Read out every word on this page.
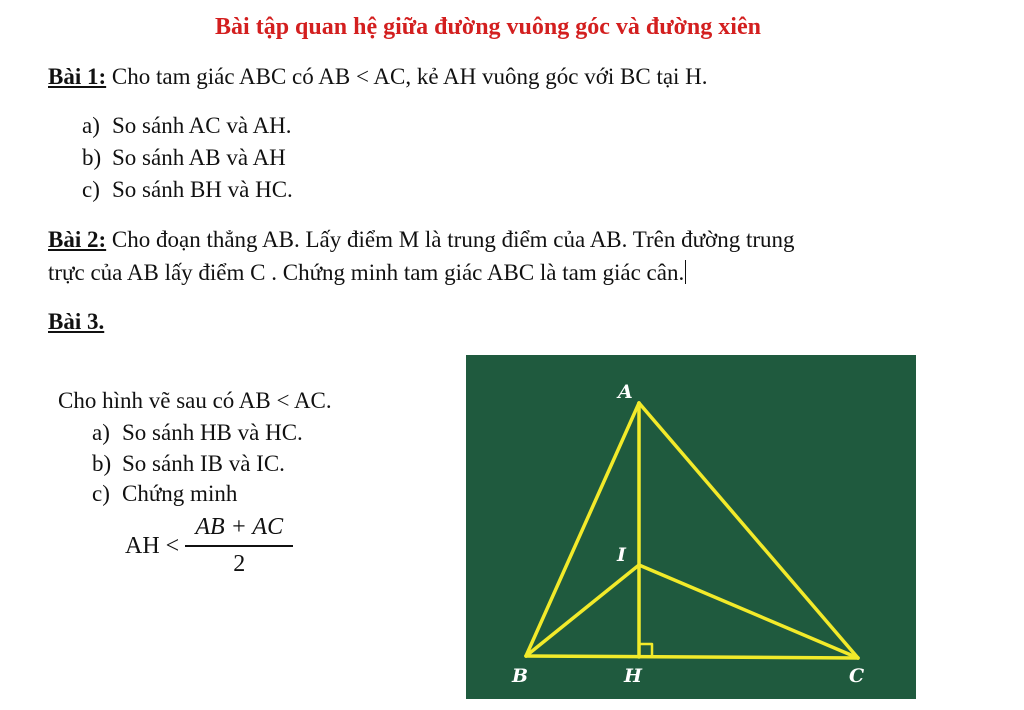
Bài tập quan hệ giữa đường vuông góc và đường xiên
Bài 1: Cho tam giác ABC có AB < AC, kẻ AH vuông góc với BC tại H.
a) So sánh AC và AH.
b) So sánh AB và AH
c) So sánh BH và HC.
Bài 2: Cho đoạn thẳng AB. Lấy điểm M là trung điểm của AB. Trên đường trung
trực của AB lấy điểm C . Chứng minh tam giác ABC là tam giác cân.
Bài 3.
Cho hình vẽ sau có AB < AC.
a) So sánh HB và HC.
b) So sánh IB và IC.
c) Chứng minh
AH < $\frac{AB + AC}{2}$
A
I
B	H	C
